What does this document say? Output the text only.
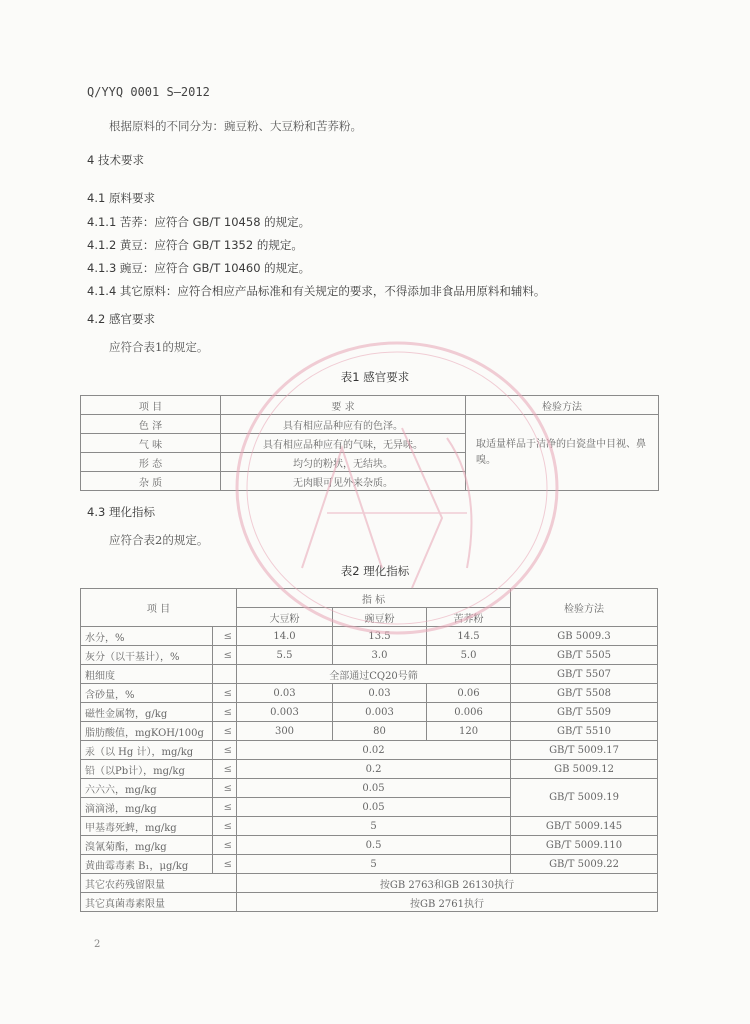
Q/YYQ 0001 S—2012
根据原料的不同分为：豌豆粉、大豆粉和苦荞粉。
4 技术要求
4.1 原料要求
4.1.1 苦荞：应符合 GB/T 10458 的规定。
4.1.2 黄豆：应符合 GB/T 1352 的规定。
4.1.3 豌豆：应符合 GB/T 10460 的规定。
4.1.4 其它原料：应符合相应产品标准和有关规定的要求，不得添加非食品用原料和辅料。
4.2 感官要求
应符合表1的规定。
表1 感官要求
项 目	要 求	检验方法
色 泽	具有相应品种应有的色泽。	取适量样品于洁净的白瓷盘中目视、鼻嗅。
气 味	具有相应品种应有的气味，无异味。	
形 态	均匀的粉状，无结块。	
杂 质	无肉眼可见外来杂质。	
4.3 理化指标
应符合表2的规定。
表2 理化指标
项 目		指 标			检验方法
		大豆粉	豌豆粉	苦荞粉	
水分，%	≤	14.0	13.5	14.5	GB 5009.3
灰分（以干基计），%	≤	5.5	3.0	5.0	GB/T 5505
粗细度		全部通过CQ20号筛			GB/T 5507
含砂量，%	≤	0.03	0.03	0.06	GB/T 5508
磁性金属物，g/kg	≤	0.003	0.003	0.006	GB/T 5509
脂肪酸值，mgKOH/100g	≤	300	80	120	GB/T 5510
汞（以 Hg 计），mg/kg	≤	0.02			GB/T 5009.17
铅（以Pb计），mg/kg	≤	0.2			GB 5009.12
六六六，mg/kg	≤	0.05			GB/T 5009.19
滴滴涕，mg/kg	≤	0.05			
甲基毒死蜱，mg/kg	≤	5			GB/T 5009.145
溴氰菊酯，mg/kg	≤	0.5			GB/T 5009.110
黄曲霉毒素 B₁，μg/kg	≤	5			GB/T 5009.22
其它农药残留限量		按GB 2763和GB 26130执行			
其它真菌毒素限量		按GB 2761执行			
2
